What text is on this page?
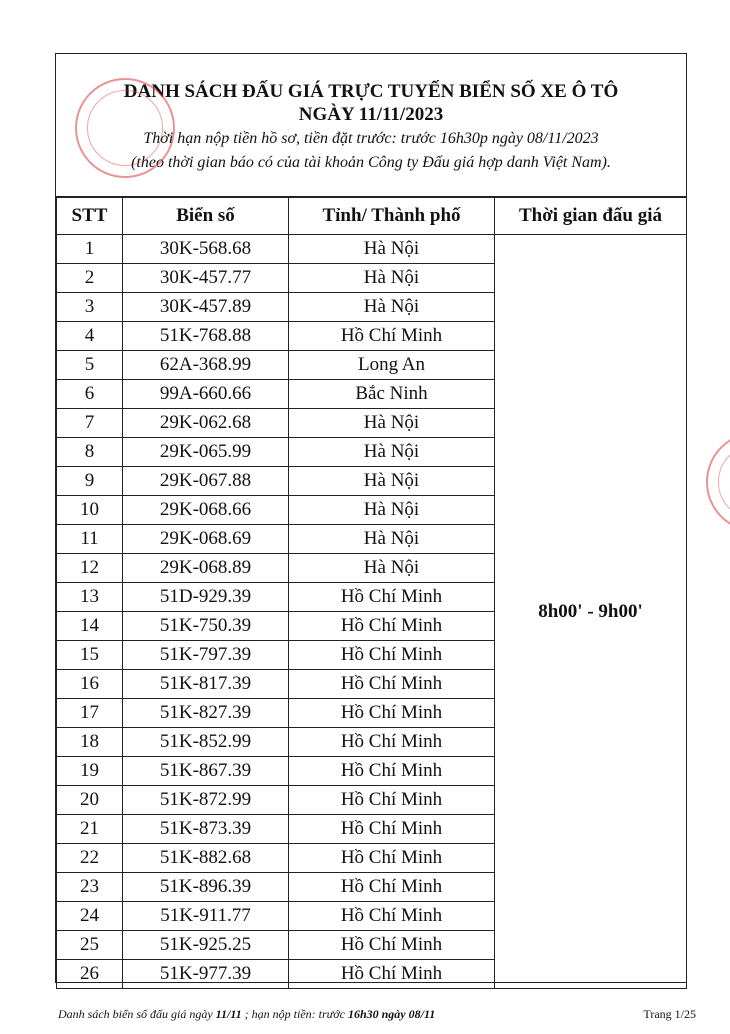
DANH SÁCH ĐẤU GIÁ TRỰC TUYẾN BIỂN SỐ XE Ô TÔ
NGÀY 11/11/2023
Thời hạn nộp tiền hồ sơ, tiền đặt trước: trước 16h30p ngày 08/11/2023
(theo thời gian báo có của tài khoản Công ty Đấu giá hợp danh Việt Nam).
STT	Biển số	Tỉnh/ Thành phố	Thời gian đấu giá
1	30K-568.68	Hà Nội	8h00' - 9h00'
2	30K-457.77	Hà Nội	
3	30K-457.89	Hà Nội	
4	51K-768.88	Hồ Chí Minh	
5	62A-368.99	Long An	
6	99A-660.66	Bắc Ninh	
7	29K-062.68	Hà Nội	
8	29K-065.99	Hà Nội	
9	29K-067.88	Hà Nội	
10	29K-068.66	Hà Nội	
11	29K-068.69	Hà Nội	
12	29K-068.89	Hà Nội	
13	51D-929.39	Hồ Chí Minh	
14	51K-750.39	Hồ Chí Minh	
15	51K-797.39	Hồ Chí Minh	
16	51K-817.39	Hồ Chí Minh	
17	51K-827.39	Hồ Chí Minh	
18	51K-852.99	Hồ Chí Minh	
19	51K-867.39	Hồ Chí Minh	
20	51K-872.99	Hồ Chí Minh	
21	51K-873.39	Hồ Chí Minh	
22	51K-882.68	Hồ Chí Minh	
23	51K-896.39	Hồ Chí Minh	
24	51K-911.77	Hồ Chí Minh	
25	51K-925.25	Hồ Chí Minh	
26	51K-977.39	Hồ Chí Minh	
Danh sách biển số đấu giá ngày 11/11 ; hạn nộp tiền: trước 16h30 ngày 08/11	Trang 1/25
